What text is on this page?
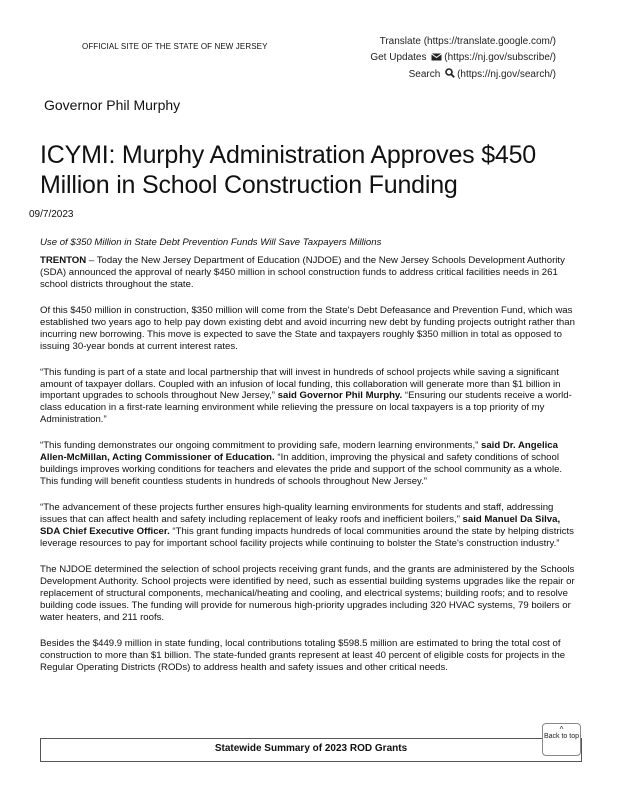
OFFICIAL SITE OF THE STATE OF NEW JERSEY	Translate (https://translate.google.com/)
Get Updates (https://nj.gov/subscribe/)
Search (https://nj.gov/search/)
Governor Phil Murphy
ICYMI: Murphy Administration Approves $450 Million in School Construction Funding
09/7/2023

Use of $350 Million in State Debt Prevention Funds Will Save Taxpayers Millions

TRENTON – Today the New Jersey Department of Education (NJDOE) and the New Jersey Schools Development Authority (SDA) announced the approval of nearly $450 million in school construction funds to address critical facilities needs in 261 school districts throughout the state.

Of this $450 million in construction, $350 million will come from the State's Debt Defeasance and Prevention Fund, which was established two years ago to help pay down existing debt and avoid incurring new debt by funding projects outright rather than incurring new borrowing. This move is expected to save the State and taxpayers roughly $350 million in total as opposed to issuing 30-year bonds at current interest rates.

“This funding is part of a state and local partnership that will invest in hundreds of school projects while saving a significant amount of taxpayer dollars. Coupled with an infusion of local funding, this collaboration will generate more than $1 billion in important upgrades to schools throughout New Jersey,” said Governor Phil Murphy. “Ensuring our students receive a world-class education in a first-rate learning environment while relieving the pressure on local taxpayers is a top priority of my Administration.”

“This funding demonstrates our ongoing commitment to providing safe, modern learning environments,” said Dr. Angelica Allen-McMillan, Acting Commissioner of Education. “In addition, improving the physical and safety conditions of school buildings improves working conditions for teachers and elevates the pride and support of the school community as a whole. This funding will benefit countless students in hundreds of schools throughout New Jersey.”

“The advancement of these projects further ensures high-quality learning environments for students and staff, addressing issues that can affect health and safety including replacement of leaky roofs and inefficient boilers,” said Manuel Da Silva, SDA Chief Executive Officer. “This grant funding impacts hundreds of local communities around the state by helping districts leverage resources to pay for important school facility projects while continuing to bolster the State's construction industry.”

The NJDOE determined the selection of school projects receiving grant funds, and the grants are administered by the Schools Development Authority. School projects were identified by need, such as essential building systems upgrades like the repair or replacement of structural components, mechanical/heating and cooling, and electrical systems; building roofs; and to resolve building code issues. The funding will provide for numerous high-priority upgrades including 320 HVAC systems, 79 boilers or water heaters, and 211 roofs.

Besides the $449.9 million in state funding, local contributions totaling $598.5 million are estimated to bring the total cost of construction to more than $1 billion. The state-funded grants represent at least 40 percent of eligible costs for projects in the Regular Operating Districts (RODs) to address health and safety issues and other critical needs.

Statewide Summary of 2023 ROD Grants
^
Back to top
